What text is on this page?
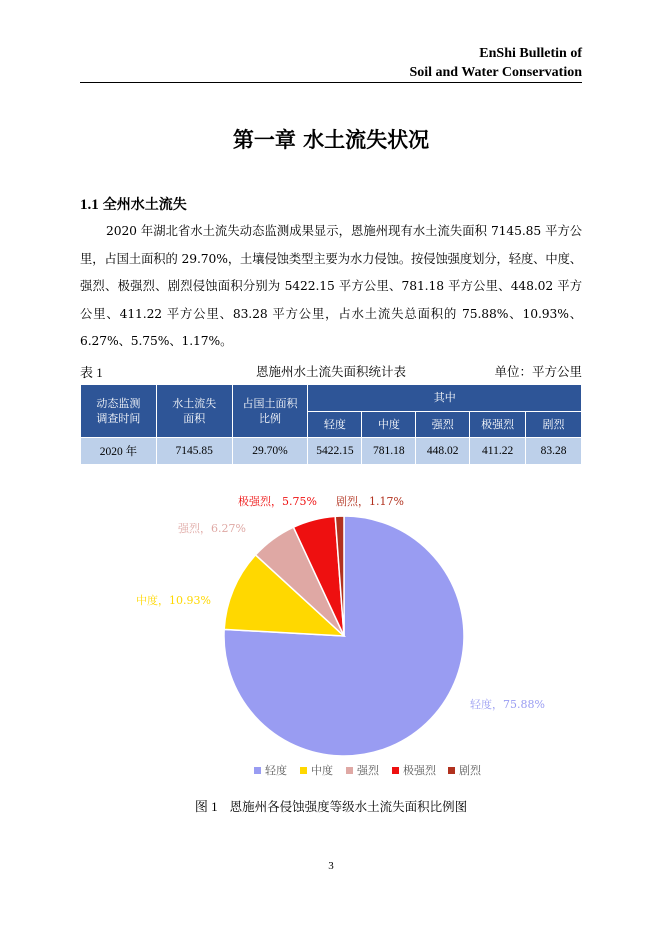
EnShi Bulletin of
Soil and Water Conservation
第一章 水土流失状况
1.1 全州水土流失
2020 年湖北省水土流失动态监测成果显示，恩施州现有水土流失面积 7145.85 平方公里，占国土面积的 29.70%，土壤侵蚀类型主要为水力侵蚀。按侵蚀强度划分，轻度、中度、强烈、极强烈、剧烈侵蚀面积分别为 5422.15 平方公里、781.18 平方公里、448.02 平方公里、411.22 平方公里、83.28 平方公里，占水土流失总面积的 75.88%、10.93%、6.27%、5.75%、1.17%。
表 1	恩施州水土流失面积统计表	单位：平方公里
动态监测调查时间	水土流失面积	占国土面积比例	其中				
			轻度	中度	强烈	极强烈	剧烈
2020 年	7145.85	29.70%	5422.15	781.18	448.02	411.22	83.28
轻度，75.88%
中度，10.93%
强烈，6.27%
极强烈，5.75% 剧烈，1.17%
轻度 中度 强烈 极强烈 剧烈
图 1 恩施州各侵蚀强度等级水土流失面积比例图
3
